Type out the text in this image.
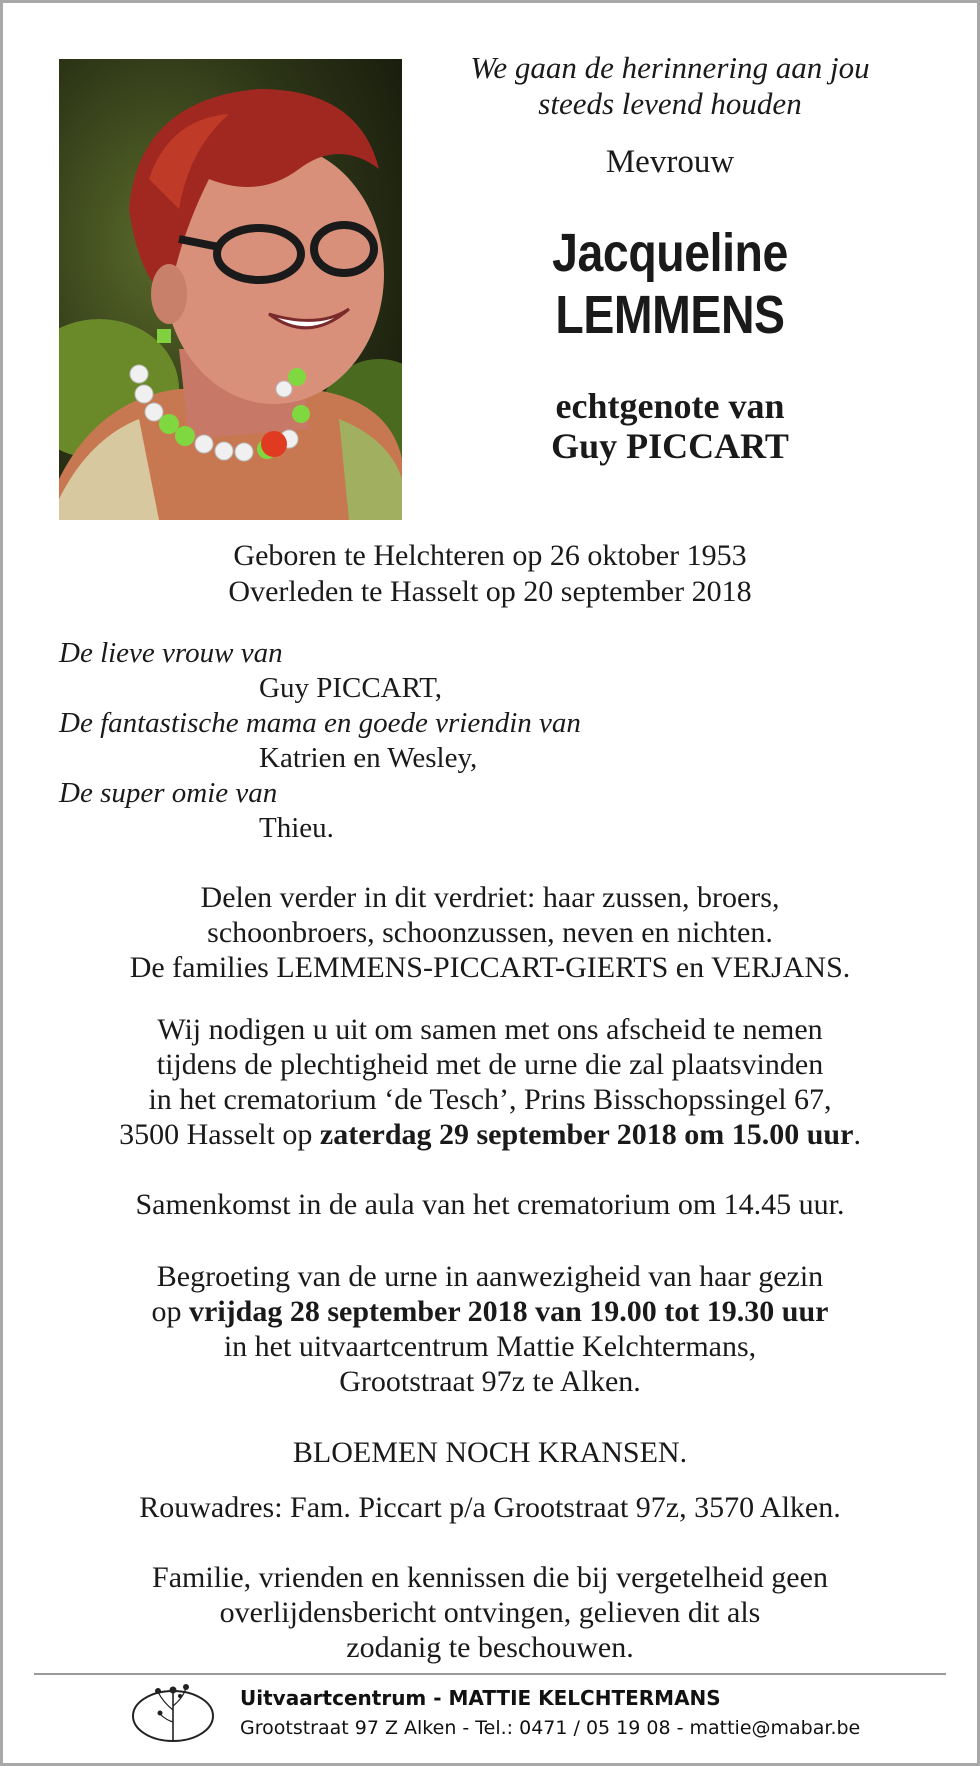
We gaan de herinnering aan jou

steeds levend houden

Mevrouw
Jacqueline
LEMMENS
echtgenote van
Guy PICCART
Geboren te Helchteren op 26 oktober 1953
Overleden te Hasselt op 20 september 2018
De lieve vrouw van
Guy PICCART,
De fantastische mama en goede vriendin van
Katrien en Wesley,
De super omie van
Thieu.
Delen verder in dit verdriet: haar zussen, broers,
schoonbroers, schoonzussen, neven en nichten.
De families LEMMENS-PICCART-GIERTS en VERJANS.
Wij nodigen u uit om samen met ons afscheid te nemen
tijdens de plechtigheid met de urne die zal plaatsvinden
in het crematorium ‘de Tesch’, Prins Bisschopssingel 67,
3500 Hasselt op zaterdag 29 september 2018 om 15.00 uur.
Samenkomst in de aula van het crematorium om 14.45 uur.
Begroeting van de urne in aanwezigheid van haar gezin
op vrijdag 28 september 2018 van 19.00 tot 19.30 uur
in het uitvaartcentrum Mattie Kelchtermans,
Grootstraat 97z te Alken.
BLOEMEN NOCH KRANSEN.
Rouwadres: Fam. Piccart p/a Grootstraat 97z, 3570 Alken.
Familie, vrienden en kennissen die bij vergetelheid geen
overlijdensbericht ontvingen, gelieven dit als
zodanig te beschouwen.
Uitvaartcentrum - MATTIE KELCHTERMANS
Grootstraat 97 Z Alken - Tel.: 0471 / 05 19 08 - mattie@mabar.be
